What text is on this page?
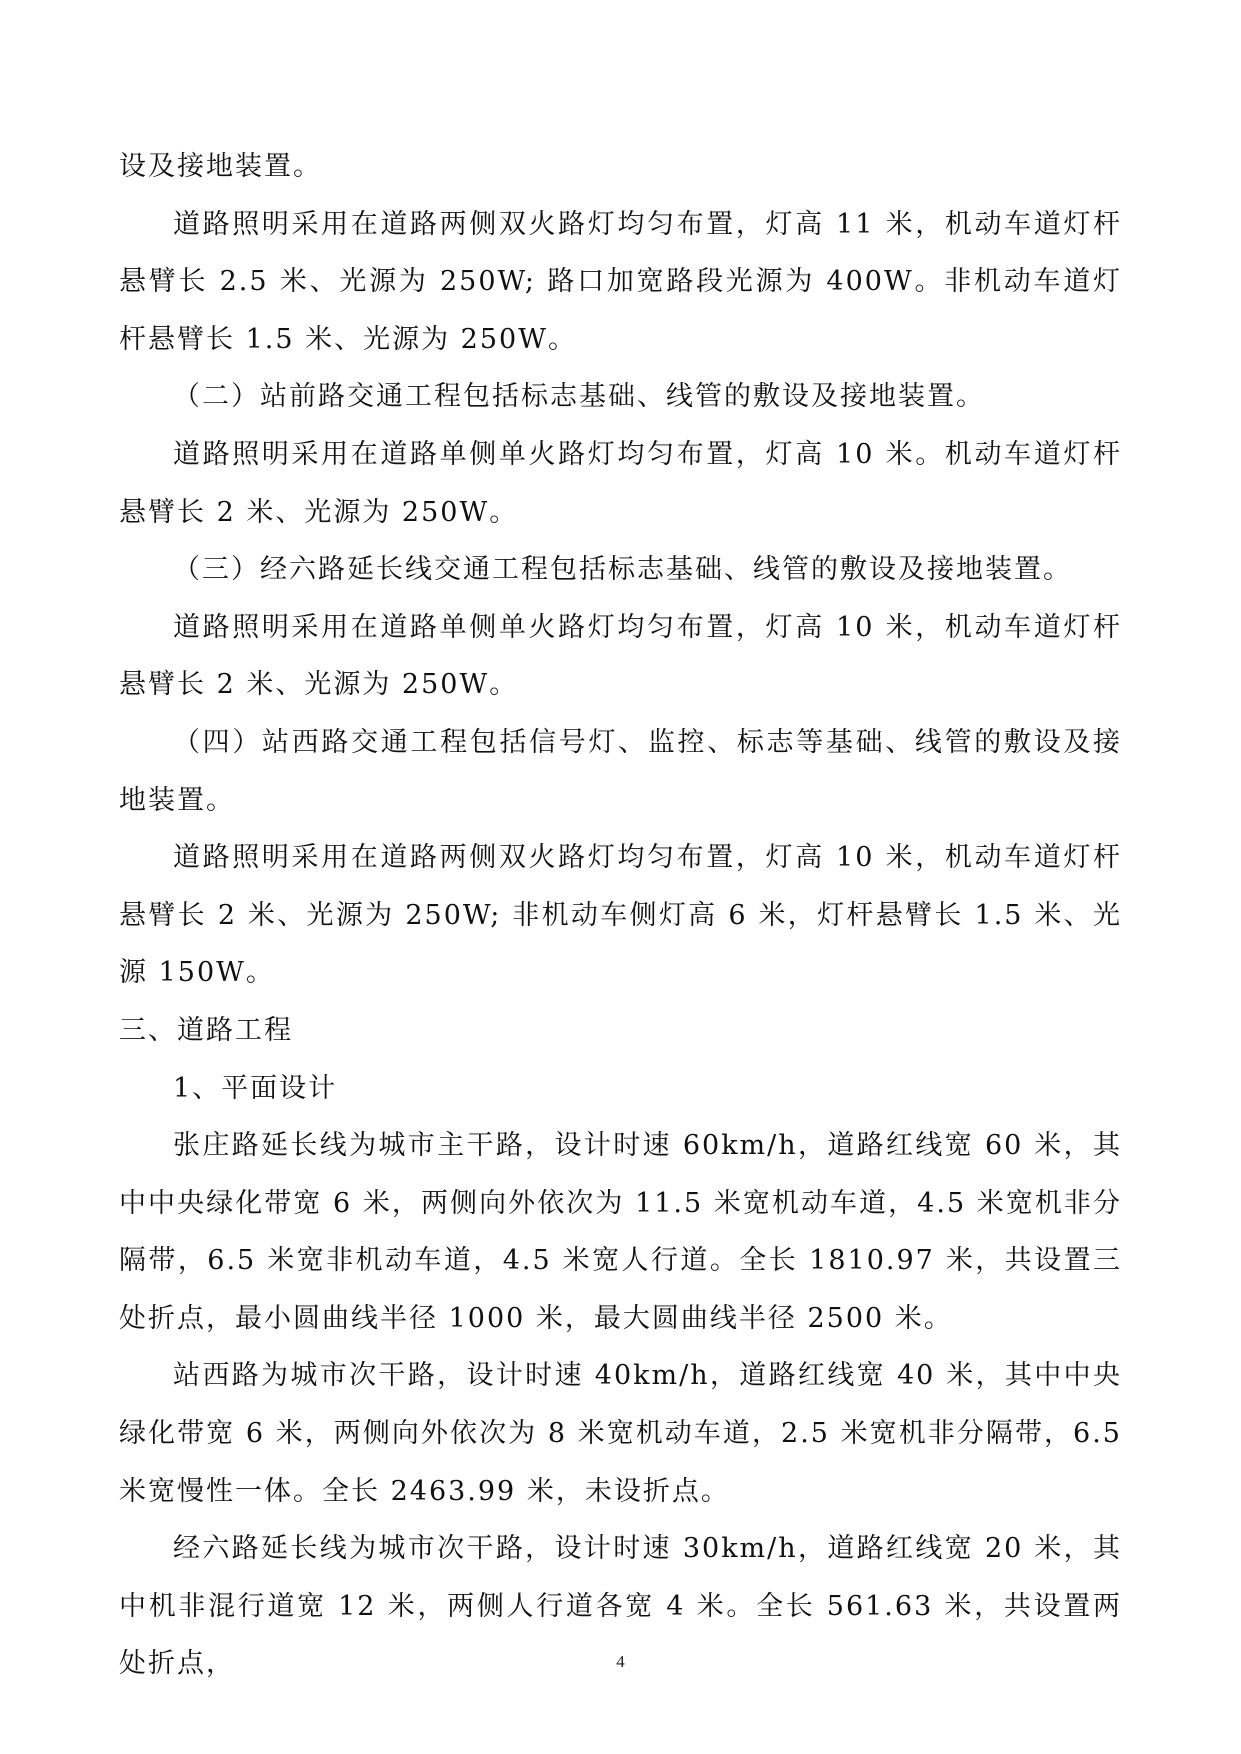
设及接地装置。

道路照明采用在道路两侧双火路灯均匀布置，灯高 11 米，机动车道灯杆悬臂长 2.5 米、光源为 250W; 路口加宽路段光源为 400W。非机动车道灯杆悬臂长 1.5 米、光源为 250W。

（二）站前路交通工程包括标志基础、线管的敷设及接地装置。

道路照明采用在道路单侧单火路灯均匀布置，灯高 10 米。机动车道灯杆悬臂长 2 米、光源为 250W。

（三）经六路延长线交通工程包括标志基础、线管的敷设及接地装置。

道路照明采用在道路单侧单火路灯均匀布置，灯高 10 米，机动车道灯杆悬臂长 2 米、光源为 250W。

（四）站西路交通工程包括信号灯、监控、标志等基础、线管的敷设及接地装置。

道路照明采用在道路两侧双火路灯均匀布置，灯高 10 米，机动车道灯杆悬臂长 2 米、光源为 250W; 非机动车侧灯高 6 米，灯杆悬臂长 1.5 米、光源 150W。

三、道路工程

1、平面设计

张庄路延长线为城市主干路，设计时速 60km/h，道路红线宽 60 米，其中中央绿化带宽 6 米，两侧向外依次为 11.5 米宽机动车道，4.5 米宽机非分隔带，6.5 米宽非机动车道，4.5 米宽人行道。全长 1810.97 米，共设置三处折点，最小圆曲线半径 1000 米，最大圆曲线半径 2500 米。

站西路为城市次干路，设计时速 40km/h，道路红线宽 40 米，其中中央绿化带宽 6 米，两侧向外依次为 8 米宽机动车道，2.5 米宽机非分隔带，6.5 米宽慢性一体。全长 2463.99 米，未设折点。

经六路延长线为城市次干路，设计时速 30km/h，道路红线宽 20 米，其中机非混行道宽 12 米，两侧人行道各宽 4 米。全长 561.63 米，共设置两处折点，	4
